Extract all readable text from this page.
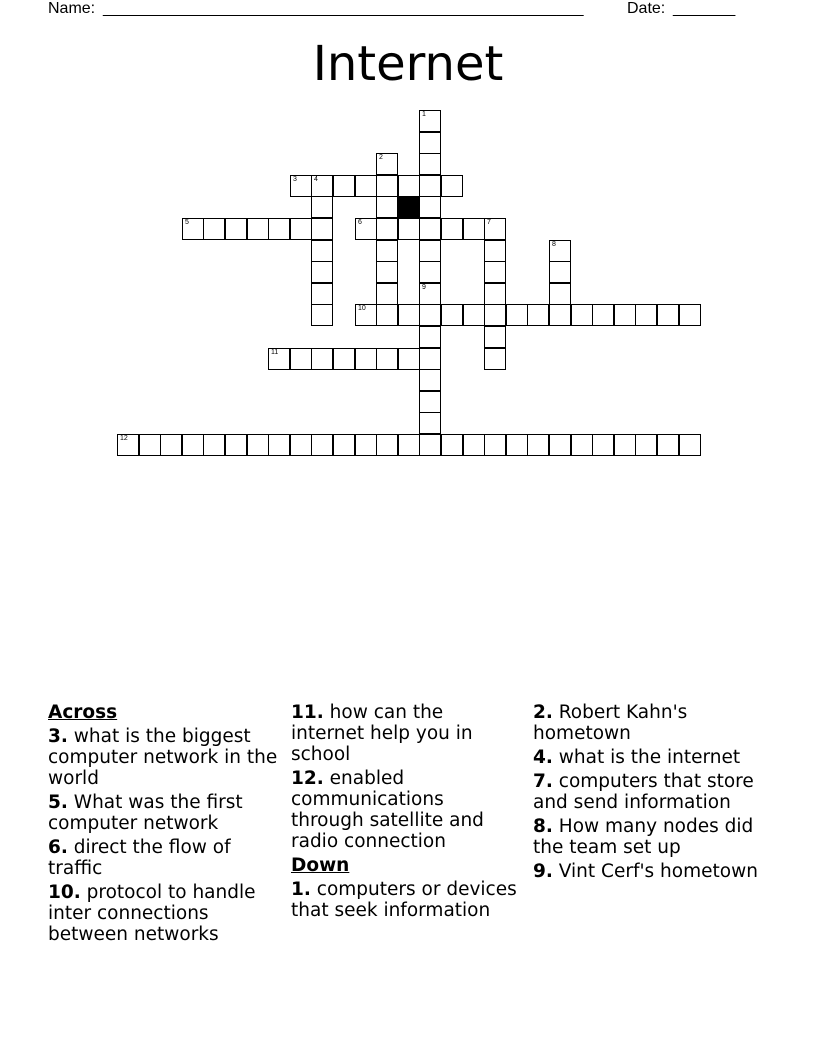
Name: ______________________________________________________	Date: _______
Internet
1
9
2
3 4
5	6	7
8
10
11
12
Across
3. what is the biggest computer network in the world
5. What was the first computer network
6. direct the flow of traffic
10. protocol to handle inter connections between networks
11. how can the internet help you in school
12. enabled communications through satellite and radio connection
Down
1. computers or devices that seek information
2. Robert Kahn's hometown
4. what is the internet
7. computers that store and send information
8. How many nodes did the team set up
9. Vint Cerf's hometown
